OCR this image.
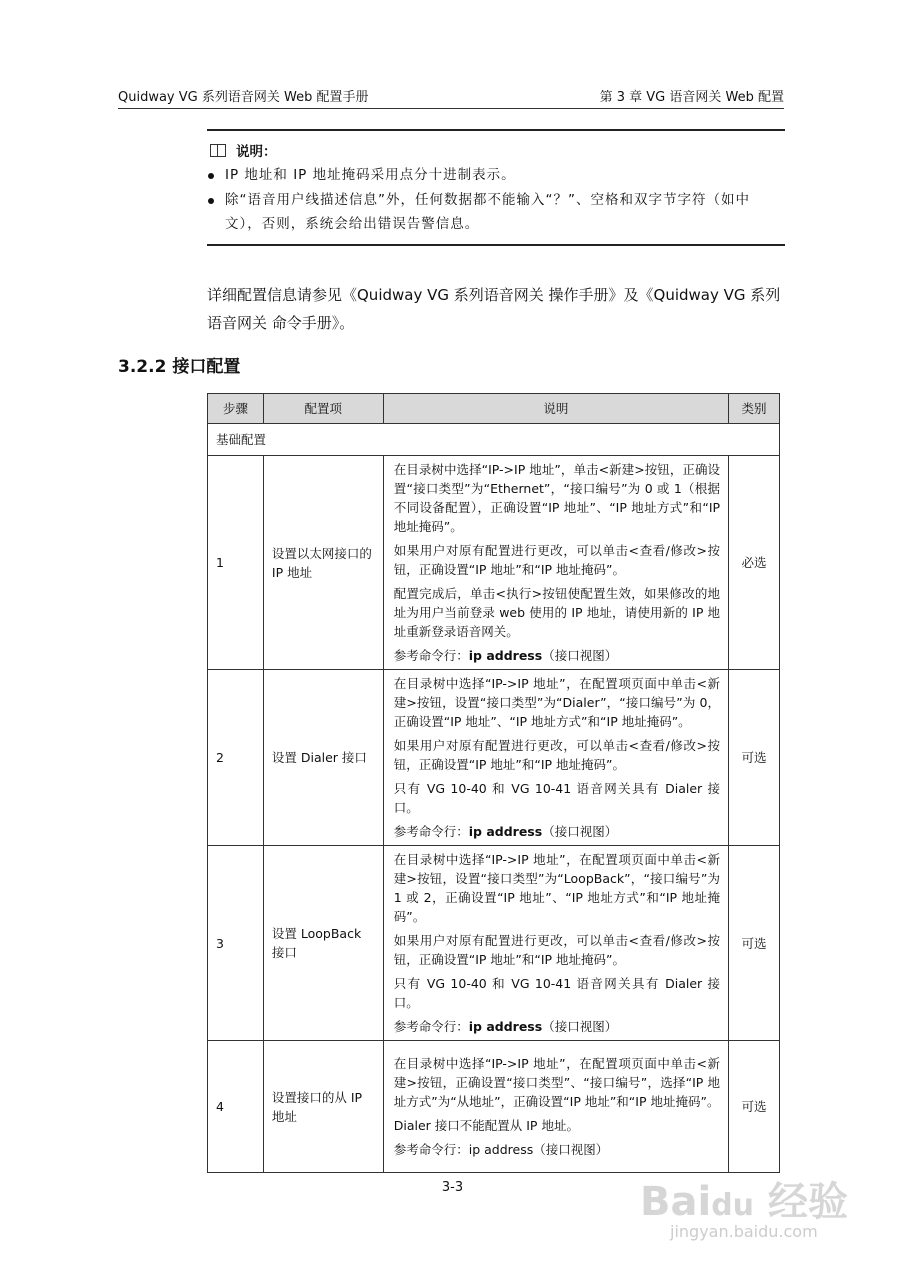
Quidway VG 系列语音网关 Web 配置手册	第 3 章 VG 语音网关 Web 配置
说明：
IP 地址和 IP 地址掩码采用点分十进制表示。
除“语音用户线描述信息”外，任何数据都不能输入“？”、空格和双字节字符（如中文），否则，系统会给出错误告警信息。
详细配置信息请参见《Quidway VG 系列语音网关 操作手册》及《Quidway VG 系列语音网关 命令手册》。
3.2.2 接口配置
步骤	配置项	说明	类别
基础配置			
1	设置以太网接口的 IP 地址	在目录树中选择“IP->IP 地址”，单击<新建>按钮，正确设置“接口类型”为“Ethernet”，“接口编号”为 0 或 1（根据不同设备配置），正确设置“IP 地址”、“IP 地址方式”和“IP 地址掩码”。

如果用户对原有配置进行更改，可以单击<查看/修改>按钮，正确设置“IP 地址”和“IP 地址掩码”。

配置完成后，单击<执行>按钮使配置生效，如果修改的地址为用户当前登录 web 使用的 IP 地址，请使用新的 IP 地址重新登录语音网关。

参考命令行：ip address（接口视图）	必选
2	设置 Dialer 接口	在目录树中选择“IP->IP 地址”，在配置项页面中单击<新建>按钮，设置“接口类型”为“Dialer”，“接口编号”为 0，正确设置“IP 地址”、“IP 地址方式”和“IP 地址掩码”。

如果用户对原有配置进行更改，可以单击<查看/修改>按钮，正确设置“IP 地址”和“IP 地址掩码”。

只有 VG 10-40 和 VG 10-41 语音网关具有 Dialer 接口。

参考命令行：ip address（接口视图）	可选
3	设置 LoopBack 接口	在目录树中选择“IP->IP 地址”，在配置项页面中单击<新建>按钮，设置“接口类型”为“LoopBack”，“接口编号”为 1 或 2，正确设置“IP 地址”、“IP 地址方式”和“IP 地址掩码”。

如果用户对原有配置进行更改，可以单击<查看/修改>按钮，正确设置“IP 地址”和“IP 地址掩码”。

只有 VG 10-40 和 VG 10-41 语音网关具有 Dialer 接口。

参考命令行：ip address（接口视图）	可选
4	设置接口的从 IP 地址	在目录树中选择“IP->IP 地址”，在配置项页面中单击<新建>按钮，正确设置“接口类型”、“接口编号”，选择“IP 地址方式”为“从地址”，正确设置“IP 地址”和“IP 地址掩码”。

Dialer 接口不能配置从 IP 地址。

参考命令行：ip address（接口视图）	可选
3-3	Baidu 经验
jingyan.baidu.com
